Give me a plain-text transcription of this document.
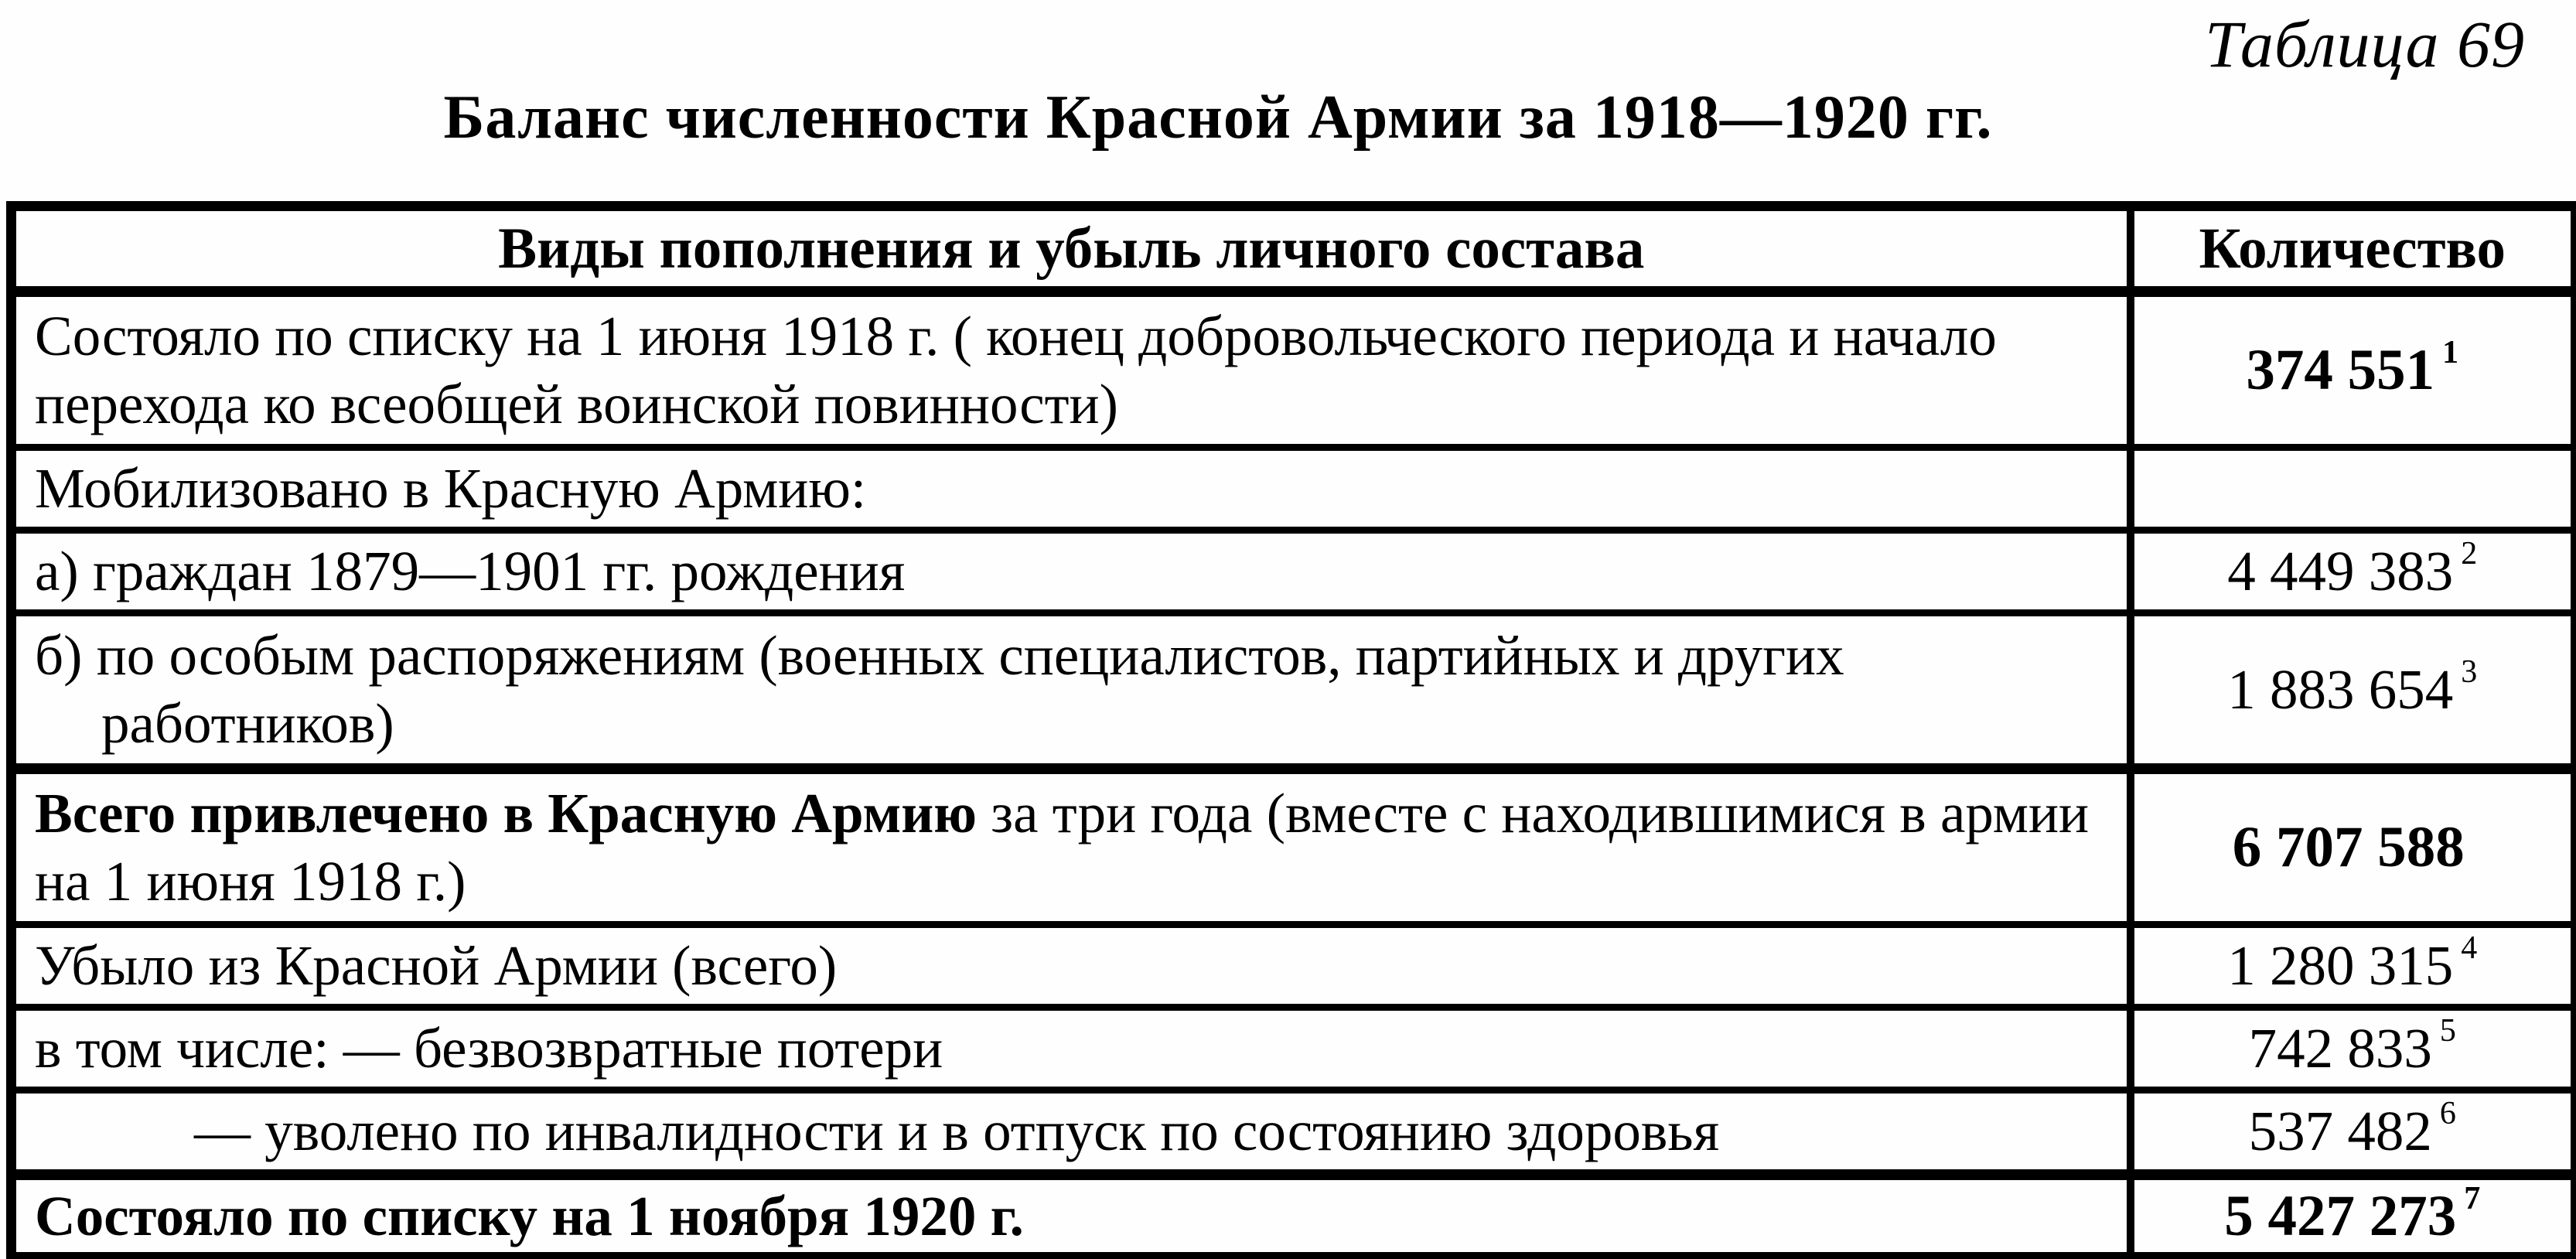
Таблица 69
Баланс численности Красной Армии за 1918—1920 гг.
Виды пополнения и убыль личного состава	Количество
Состояло по списку на 1 июня 1918 г. ( конец добровольческого периода и начало перехода ко всеобщей воинской повинности)	374 551 $^1$
Мобилизовано в Красную Армию:	
а) граждан 1879—1901 гг. рождения	4 449 383 $^2$
б) по особым распоряжениям (военных специалистов, партийных и других работников)	1 883 654 $^3$
Всего привлечено в Красную Армию за три года (вместе с находившимися в армии на 1 июня 1918 г.)	6 707 588
Убыло из Красной Армии (всего)	1 280 315 $^4$
в том числе: — безвозвратные потери	742 833 $^5$
— уволено по инвалидности и в отпуск по состоянию здоровья	537 482 $^6$
Состояло по списку на 1 ноября 1920 г.	5 427 273 $^7$
